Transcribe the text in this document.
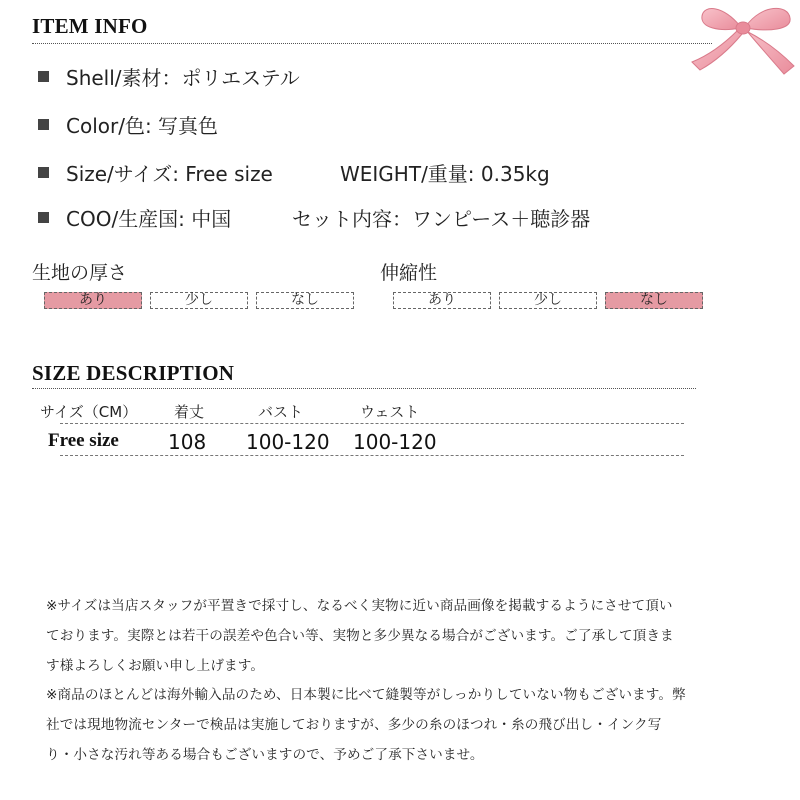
ITEM INFO
Shell/素材：ポリエステル
Color/色: 写真色
Size/サイズ: Free size	WEIGHT/重量: 0.35kg
COO/生産国: 中国	セット内容：ワンピース＋聴診器
生地の厚さ
あり	少し	なし
伸縮性
あり	少し	なし
SIZE DESCRIPTION
サイズ（CM） 着丈	バスト	ウェスト
Free size 108 100-120 100-120
※サイズは当店スタッフが平置きで採寸し、なるべく実物に近い商品画像を掲載するようにさせて頂いております。実際とは若干の誤差や色合い等、実物と多少異なる場合がございます。ご了承して頂きます様よろしくお願い申し上げます。
※商品のほとんどは海外輸入品のため、日本製に比べて縫製等がしっかりしていない物もございます。弊社では現地物流センターで検品は実施しておりますが、多少の糸のほつれ・糸の飛び出し・インク写り・小さな汚れ等ある場合もございますので、予めご了承下さいませ。
